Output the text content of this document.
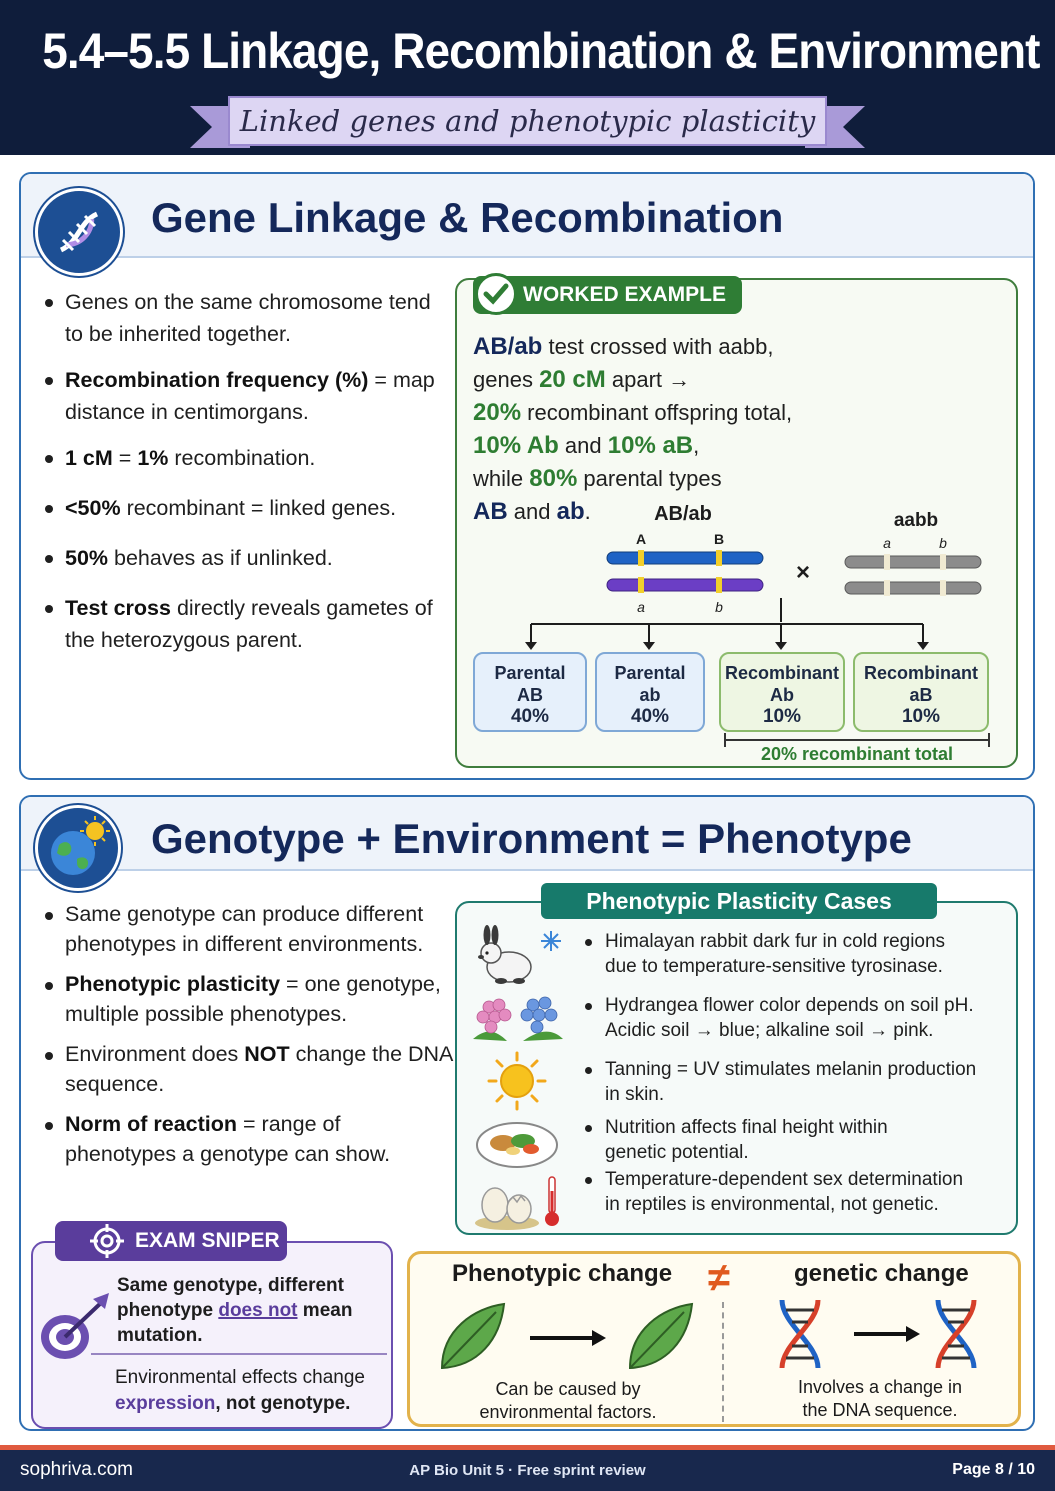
5.4–5.5 Linkage, Recombination & Environment
Linked genes and phenotypic plasticity
Gene Linkage & Recombination
Genes on the same chromosome tend to be inherited together.
Recombination frequency (%) = map distance in centimorgans.
1 cM = 1% recombination.
<50% recombinant = linked genes.
50% behaves as if unlinked.
Test cross directly reveals gametes of the heterozygous parent.
WORKED EXAMPLE
AB/ab test crossed with aabb,
genes 20 cM apart →
20% recombinant offspring total,
10% Ab and 10% aB,
while 80% parental types
AB and ab.	AB/ab
A	B
a	b
×
aabb
a	b
Parental
AB
40%
Parental
ab
40%
Recombinant
Ab
10%
Recombinant
aB
10%
20% recombinant total
Genotype + Environment = Phenotype
Same genotype can produce different phenotypes in different environments.
Phenotypic plasticity = one genotype, multiple possible phenotypes.
Environment does NOT change the DNA sequence.
Norm of reaction = range of phenotypes a genotype can show.
Phenotypic Plasticity Cases
Himalayan rabbit dark fur in cold regions
due to temperature-sensitive tyrosinase.
Hydrangea flower color depends on soil pH.
Acidic soil → blue; alkaline soil → pink.
Tanning = UV stimulates melanin production
in skin.
Nutrition affects final height within
genetic potential.
Temperature-dependent sex determination
in reptiles is environmental, not genetic.
EXAM SNIPER
Same genotype, different
phenotype does not mean
mutation.
Environmental effects change
expression, not genotype.
Phenotypic change ≠	genetic change
Can be caused by
environmental factors.
Involves a change in
the DNA sequence.
sophriva.com	AP Bio Unit 5 · Free sprint review	Page 8 / 10
